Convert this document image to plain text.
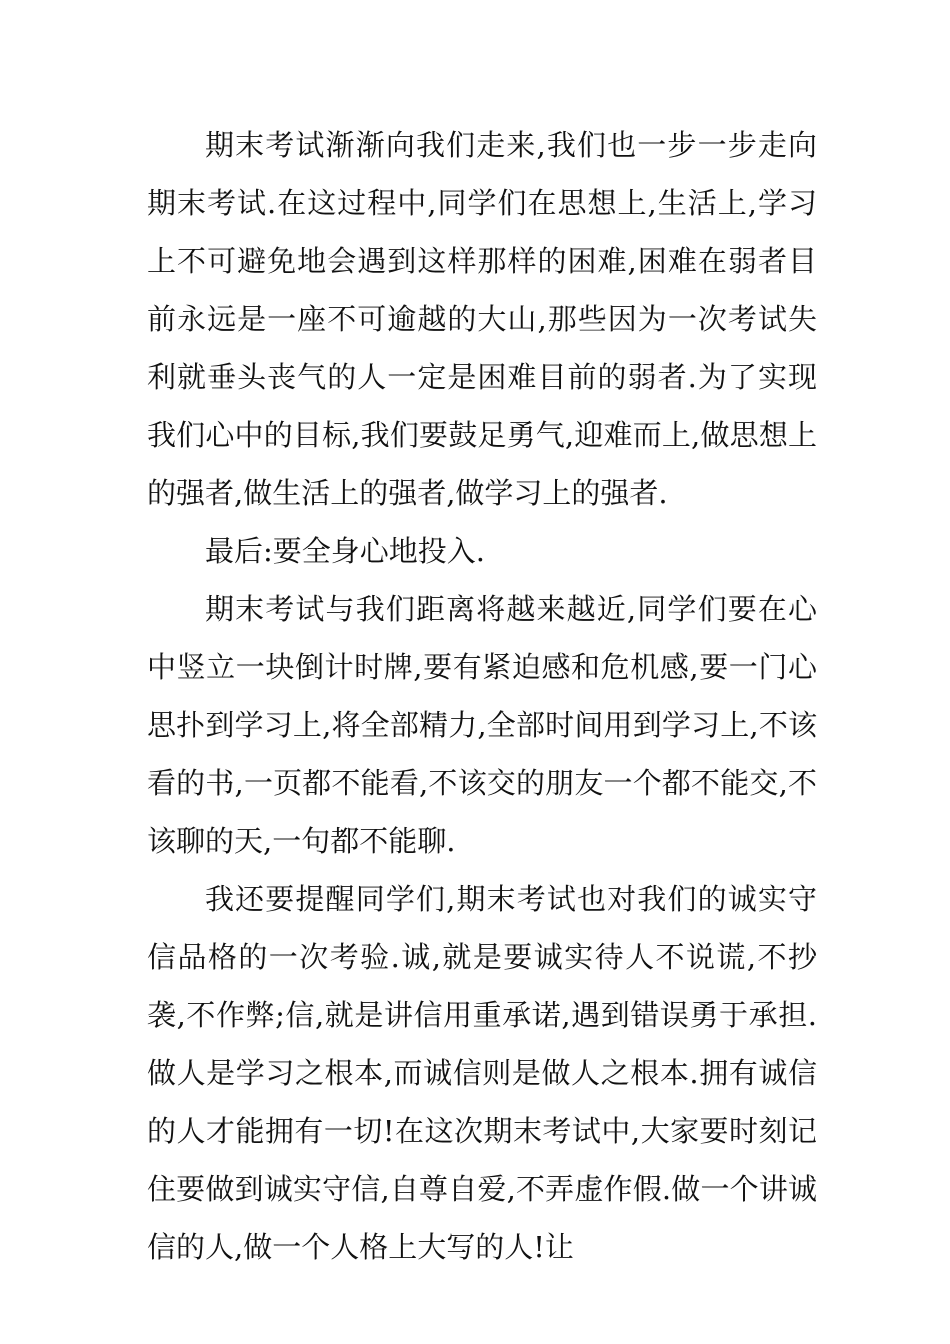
期末考试渐渐向我们走来,我们也一步一步走向期末考试.在这过程中,同学们在思想上,生活上,学习上不可避免地会遇到这样那样的困难,困难在弱者目前永远是一座不可逾越的大山,那些因为一次考试失利就垂头丧气的人一定是困难目前的弱者.为了实现我们心中的目标,我们要鼓足勇气,迎难而上,做思想上的强者,做生活上的强者,做学习上的强者.

最后:要全身心地投入.

期末考试与我们距离将越来越近,同学们要在心中竖立一块倒计时牌,要有紧迫感和危机感,要一门心思扑到学习上,将全部精力,全部时间用到学习上,不该看的书,一页都不能看,不该交的朋友一个都不能交,不该聊的天,一句都不能聊.

我还要提醒同学们,期末考试也对我们的诚实守信品格的一次考验.诚,就是要诚实待人不说谎,不抄袭,不作弊;信,就是讲信用重承诺,遇到错误勇于承担.做人是学习之根本,而诚信则是做人之根本.拥有诚信的人才能拥有一切!在这次期末考试中,大家要时刻记住要做到诚实守信,自尊自爱,不弄虚作假.做一个讲诚信的人,做一个人格上大写的人!让
